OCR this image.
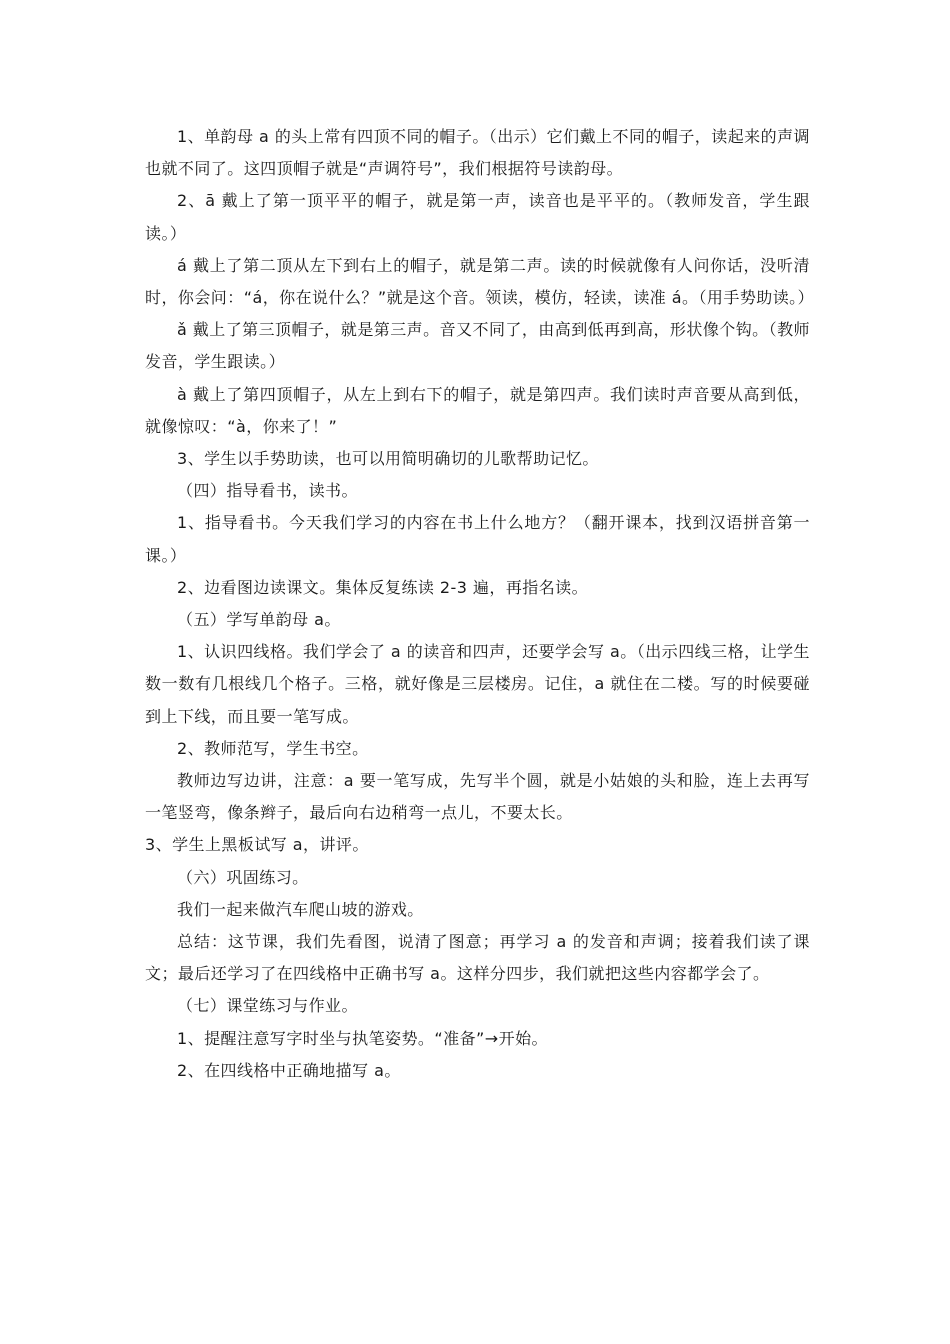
1、单韵母 a 的头上常有四顶不同的帽子。（出示）它们戴上不同的帽子，读起来的声调也就不同了。这四顶帽子就是“声调符号”，我们根据符号读韵母。

2、ā 戴上了第一顶平平的帽子，就是第一声，读音也是平平的。（教师发音，学生跟读。）

á 戴上了第二顶从左下到右上的帽子，就是第二声。读的时候就像有人问你话，没听清时，你会问：“á，你在说什么？”就是这个音。领读，模仿，轻读，读准 á。（用手势助读。）

ǎ 戴上了第三顶帽子，就是第三声。音又不同了，由高到低再到高，形状像个钩。（教师发音，学生跟读。）

à 戴上了第四顶帽子，从左上到右下的帽子，就是第四声。我们读时声音要从高到低，就像惊叹：“à，你来了！”

3、学生以手势助读，也可以用简明确切的儿歌帮助记忆。

（四）指导看书，读书。

1、指导看书。今天我们学习的内容在书上什么地方？（翻开课本，找到汉语拼音第一课。）

2、边看图边读课文。集体反复练读 2-3 遍，再指名读。

（五）学写单韵母 a。

1、认识四线格。我们学会了 a 的读音和四声，还要学会写 a。（出示四线三格，让学生数一数有几根线几个格子。三格，就好像是三层楼房。记住，a 就住在二楼。写的时候要碰到上下线，而且要一笔写成。

2、教师范写，学生书空。

教师边写边讲，注意：a 要一笔写成，先写半个圆，就是小姑娘的头和脸，连上去再写一笔竖弯，像条辫子，最后向右边稍弯一点儿，不要太长。

3、学生上黑板试写 a，讲评。

（六）巩固练习。

我们一起来做汽车爬山坡的游戏。

总结：这节课，我们先看图，说清了图意；再学习 a 的发音和声调；接着我们读了课文；最后还学习了在四线格中正确书写 a。这样分四步，我们就把这些内容都学会了。

（七）课堂练习与作业。

1、提醒注意写字时坐与执笔姿势。“准备”→开始。

2、在四线格中正确地描写 a。
